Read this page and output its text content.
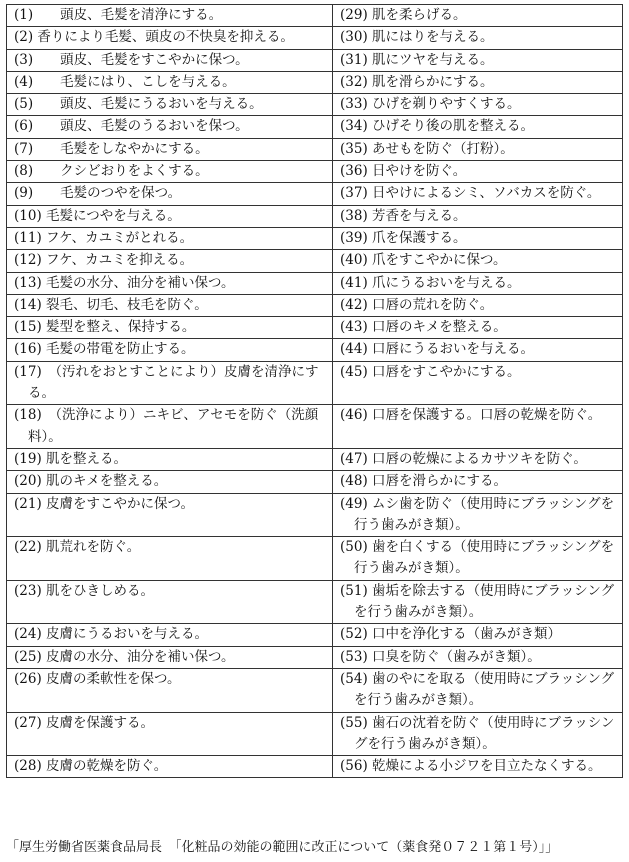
(1)　　頭皮、毛髪を清浄にする。	(29) 肌を柔らげる。

(2) 香りにより毛髪、頭皮の不快臭を抑える。	(30) 肌にはりを与える。

(3)　　頭皮、毛髪をすこやかに保つ。	(31) 肌にツヤを与える。

(4)　　毛髪にはり、こしを与える。	(32) 肌を滑らかにする。

(5)　　頭皮、毛髪にうるおいを与える。	(33) ひげを剃りやすくする。

(6)　　頭皮、毛髪のうるおいを保つ。	(34) ひげそり後の肌を整える。

(7)　　毛髪をしなやかにする。	(35) あせもを防ぐ（打粉）。

(8)　　クシどおりをよくする。	(36) 日やけを防ぐ。

(9)　　毛髪のつやを保つ。	(37) 日やけによるシミ、ソバカスを防ぐ。

(10) 毛髪につやを与える。	(38) 芳香を与える。

(11) フケ、カユミがとれる。	(39) 爪を保護する。

(12) フケ、カユミを抑える。	(40) 爪をすこやかに保つ。

(13) 毛髪の水分、油分を補い保つ。	(41) 爪にうるおいを与える。

(14) 裂毛、切毛、枝毛を防ぐ。	(42) 口唇の荒れを防ぐ。

(15) 髪型を整え、保持する。	(43) 口唇のキメを整える。

(16) 毛髪の帯電を防止する。	(44) 口唇にうるおいを与える。

(17)　（汚れをおとすことにより）皮膚を清浄にする。	(45) 口唇をすこやかにする。

(18)　（洗浄により）ニキビ、アセモを防ぐ（洗顔料）。	(46) 口唇を保護する。口唇の乾燥を防ぐ。

(19) 肌を整える。	(47) 口唇の乾燥によるカサツキを防ぐ。

(20) 肌のキメを整える。	(48) 口唇を滑らかにする。

(21) 皮膚をすこやかに保つ。	(49) ムシ歯を防ぐ（使用時にブラッシングを行う歯みがき類）。

(22) 肌荒れを防ぐ。	(50) 歯を白くする（使用時にブラッシングを行う歯みがき類）。

(23) 肌をひきしめる。	(51) 歯垢を除去する（使用時にブラッシングを行う歯みがき類）。

(24) 皮膚にうるおいを与える。	(52) 口中を浄化する（歯みがき類）

(25) 皮膚の水分、油分を補い保つ。	(53) 口臭を防ぐ（歯みがき類）。

(26) 皮膚の柔軟性を保つ。	(54) 歯のやにを取る（使用時にブラッシングを行う歯みがき類）。

(27) 皮膚を保護する。	(55) 歯石の沈着を防ぐ（使用時にブラッシングを行う歯みがき類）。

(28) 皮膚の乾燥を防ぐ。	(56) 乾燥による小ジワを目立たなくする。
「厚生労働省医薬食品局長　「化粧品の効能の範囲に改正について（薬食発０７２１第１号）」」
